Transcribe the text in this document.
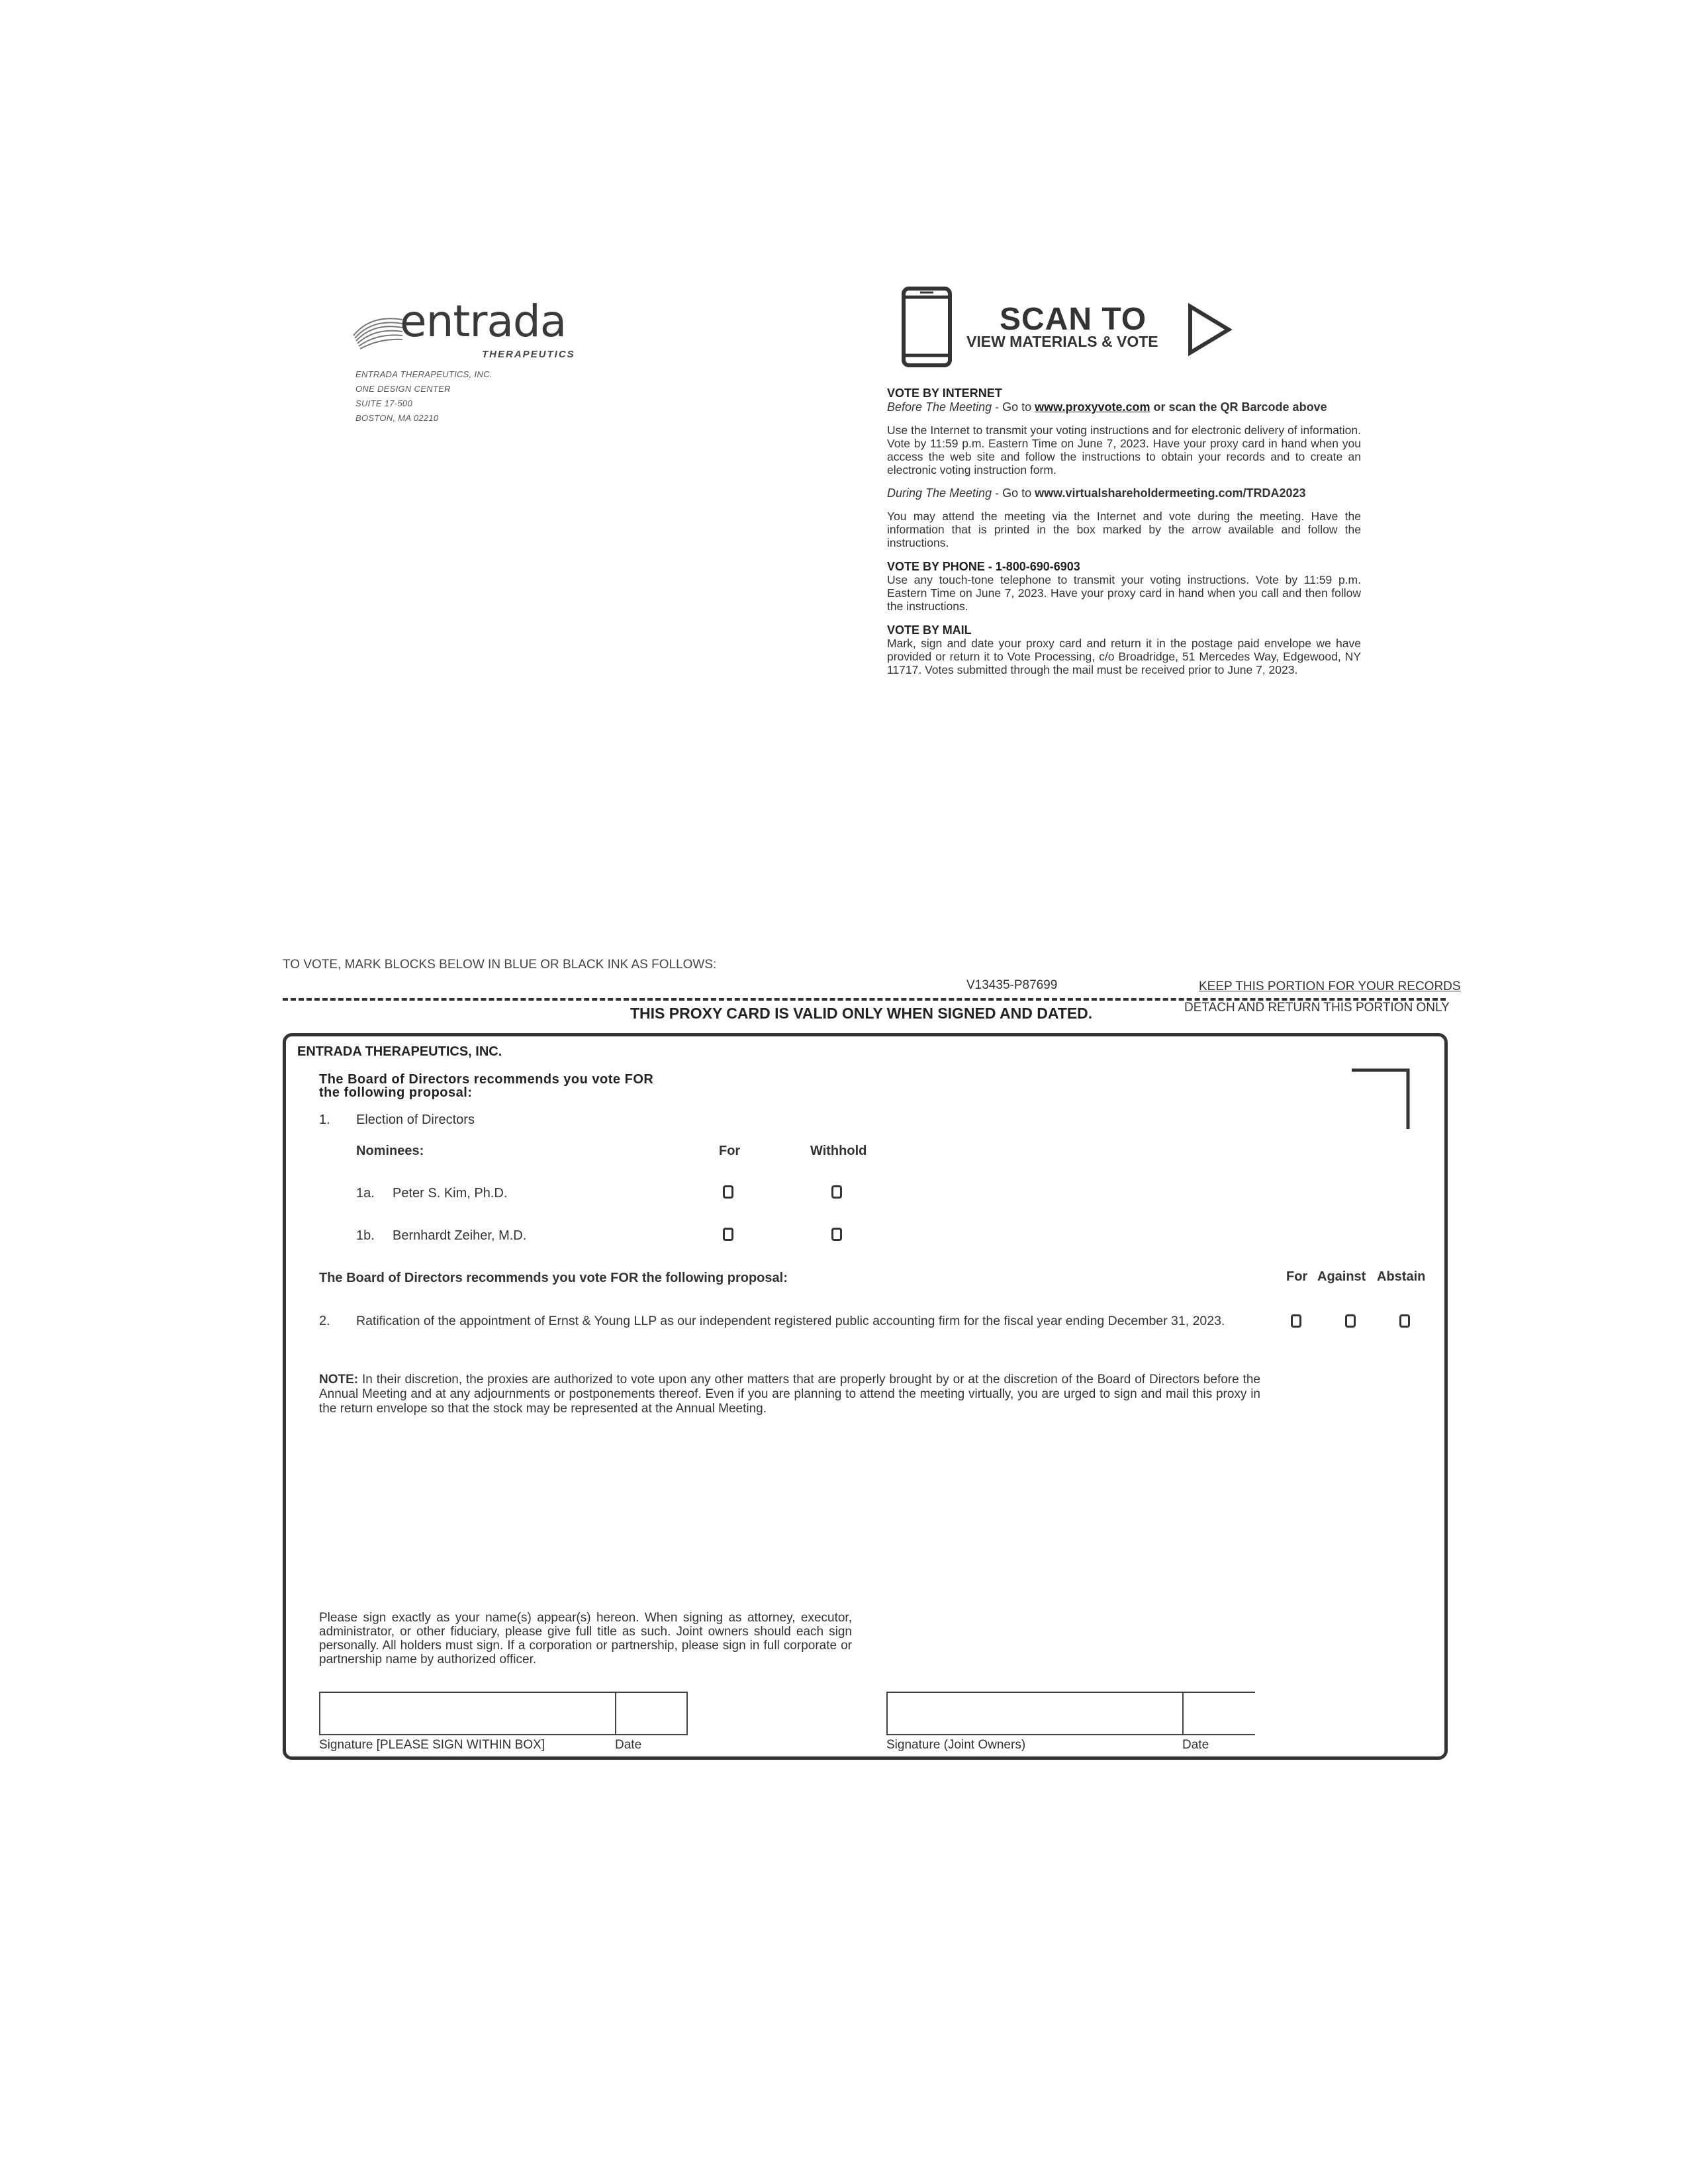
entrada
THERAPEUTICS
ENTRADA THERAPEUTICS, INC.
ONE DESIGN CENTER
SUITE 17-500
BOSTON, MA 02210
SCAN TO
VIEW MATERIALS & VOTE
VOTE BY INTERNET
Before The Meeting - Go to www.proxyvote.com or scan the QR Barcode above
Use the Internet to transmit your voting instructions and for electronic delivery of information. Vote by 11:59 p.m. Eastern Time on June 7, 2023. Have your proxy card in hand when you access the web site and follow the instructions to obtain your records and to create an electronic voting instruction form.
During The Meeting - Go to www.virtualshareholdermeeting.com/TRDA2023
You may attend the meeting via the Internet and vote during the meeting. Have the information that is printed in the box marked by the arrow available and follow the instructions.
VOTE BY PHONE - 1-800-690-6903
Use any touch-tone telephone to transmit your voting instructions. Vote by 11:59 p.m. Eastern Time on June 7, 2023. Have your proxy card in hand when you call and then follow the instructions.
VOTE BY MAIL
Mark, sign and date your proxy card and return it in the postage paid envelope we have provided or return it to Vote Processing, c/o Broadridge, 51 Mercedes Way, Edgewood, NY 11717. Votes submitted through the mail must be received prior to June 7, 2023.
TO VOTE, MARK BLOCKS BELOW IN BLUE OR BLACK INK AS FOLLOWS:
V13435-P87699	KEEP THIS PORTION FOR YOUR RECORDS
DETACH AND RETURN THIS PORTION ONLY
THIS PROXY CARD IS VALID ONLY WHEN SIGNED AND DATED.
ENTRADA THERAPEUTICS, INC.
The Board of Directors recommends you vote FOR
the following proposal:
1. Election of Directors
Nominees:	For	Withhold
1a. Peter S. Kim, Ph.D.
1b. Bernhardt Zeiher, M.D.
The Board of Directors recommends you vote FOR the following proposal:	For Against Abstain
2. Ratification of the appointment of Ernst & Young LLP as our independent registered public accounting firm for the fiscal year ending December 31, 2023.
NOTE: In their discretion, the proxies are authorized to vote upon any other matters that are properly brought by or at the discretion of the Board of Directors before the Annual Meeting and at any adjournments or postponements thereof. Even if you are planning to attend the meeting virtually, you are urged to sign and mail this proxy in the return envelope so that the stock may be represented at the Annual Meeting.
Please sign exactly as your name(s) appear(s) hereon. When signing as attorney, executor, administrator, or other fiduciary, please give full title as such. Joint owners should each sign personally. All holders must sign. If a corporation or partnership, please sign in full corporate or partnership name by authorized officer.
Signature [PLEASE SIGN WITHIN BOX]	Date	Signature (Joint Owners)	Date
